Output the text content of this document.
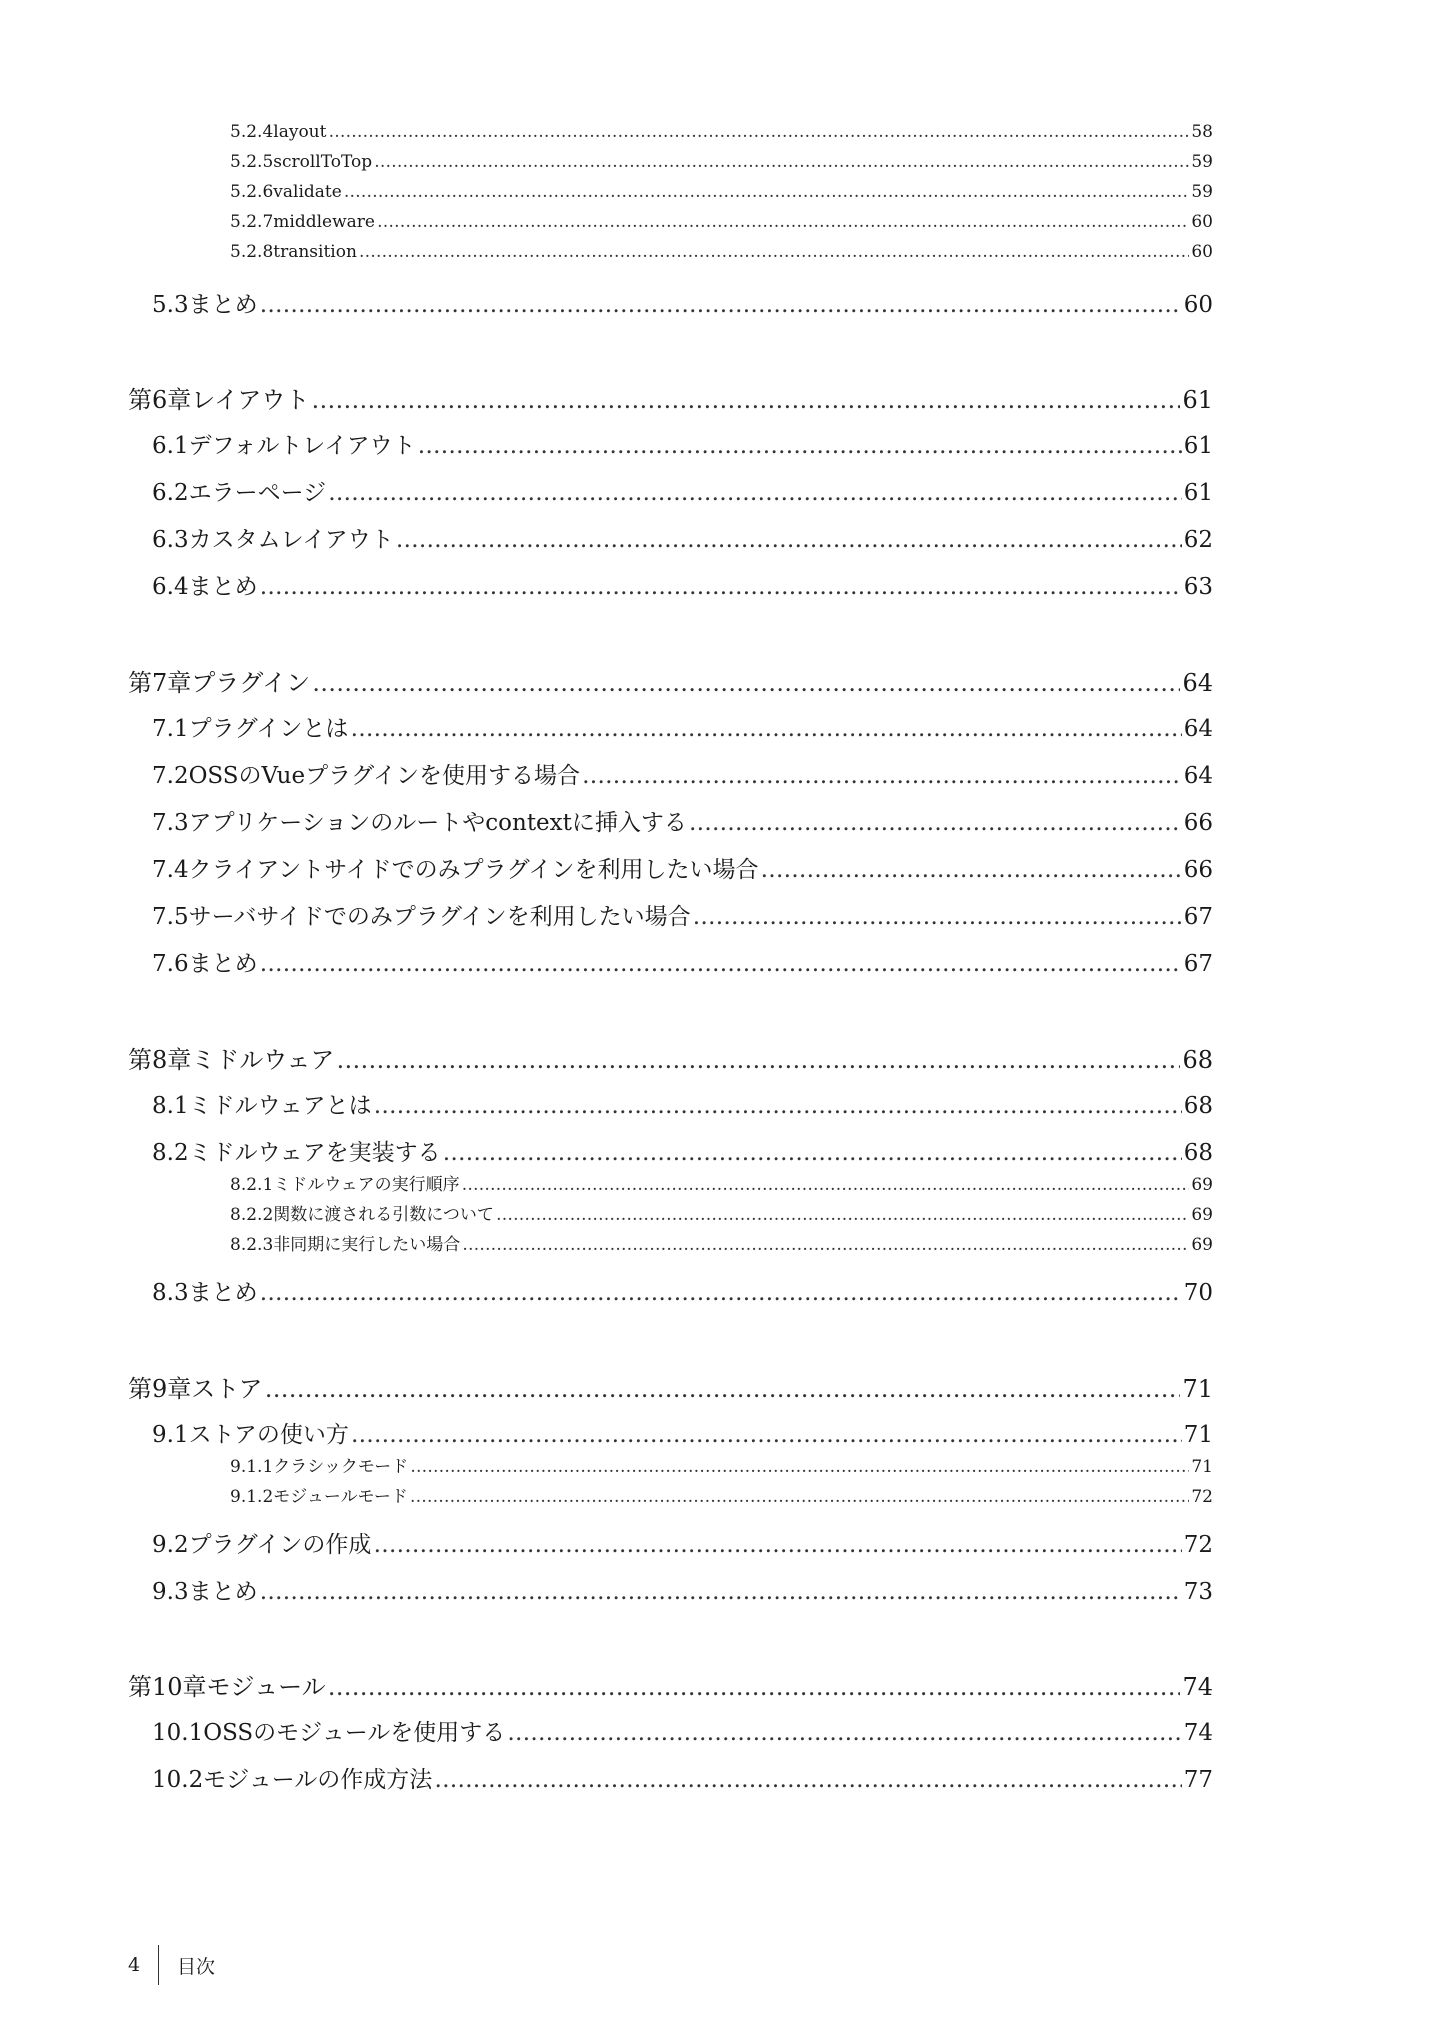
5.2.4 layout …………………………………………………………………………………………………………………………………………………………………………………………………………………………………………………………………………………………………………………………………………………………	58
5.2.5 scrollToTop …………………………………………………………………………………………………………………………………………………………………………………………………………………………………………………………………………………………………………………………………………………………	59
5.2.6 validate …………………………………………………………………………………………………………………………………………………………………………………………………………………………………………………………………………………………………………………………………………………………	59
5.2.7 middleware …………………………………………………………………………………………………………………………………………………………………………………………………………………………………………………………………………………………………………………………………………………………	60
5.2.8 transition …………………………………………………………………………………………………………………………………………………………………………………………………………………………………………………………………………………………………………………………………………………………	60
5.3 まとめ …………………………………………………………………………………………………………………………………………………………………………………………………………………………………………………………………………………………………………………………………………………………	60
第6章 レイアウト …………………………………………………………………………………………………………………………………………………………………………………………………………………………………………………………………………………………………………………………………………………………	61
6.1 デフォルトレイアウト …………………………………………………………………………………………………………………………………………………………………………………………………………………………………………………………………………………………………………………………………………………………	61
6.2 エラーページ …………………………………………………………………………………………………………………………………………………………………………………………………………………………………………………………………………………………………………………………………………………………	61
6.3 カスタムレイアウト …………………………………………………………………………………………………………………………………………………………………………………………………………………………………………………………………………………………………………………………………………………………	62
6.4 まとめ …………………………………………………………………………………………………………………………………………………………………………………………………………………………………………………………………………………………………………………………………………………………	63
第7章 プラグイン …………………………………………………………………………………………………………………………………………………………………………………………………………………………………………………………………………………………………………………………………………………………	64
7.1 プラグインとは …………………………………………………………………………………………………………………………………………………………………………………………………………………………………………………………………………………………………………………………………………………………	64
7.2 OSSのVueプラグインを使用する場合 …………………………………………………………………………………………………………………………………………………………………………………………………………………………………………………………………………………………………………………………………………………………	64
7.3 アプリケーションのルートやcontextに挿入する …………………………………………………………………………………………………………………………………………………………………………………………………………………………………………………………………………………………………………………………………………………………	66
7.4 クライアントサイドでのみプラグインを利用したい場合 …………………………………………………………………………………………………………………………………………………………………………………………………………………………………………………………………………………………………………………………………………………………	66
7.5 サーバサイドでのみプラグインを利用したい場合 …………………………………………………………………………………………………………………………………………………………………………………………………………………………………………………………………………………………………………………………………………………………	67
7.6 まとめ …………………………………………………………………………………………………………………………………………………………………………………………………………………………………………………………………………………………………………………………………………………………	67
第8章 ミドルウェア …………………………………………………………………………………………………………………………………………………………………………………………………………………………………………………………………………………………………………………………………………………………	68
8.1 ミドルウェアとは …………………………………………………………………………………………………………………………………………………………………………………………………………………………………………………………………………………………………………………………………………………………	68
8.2 ミドルウェアを実装する …………………………………………………………………………………………………………………………………………………………………………………………………………………………………………………………………………………………………………………………………………………………	68
8.2.1 ミドルウェアの実行順序 …………………………………………………………………………………………………………………………………………………………………………………………………………………………………………………………………………………………………………………………………………………………	69
8.2.2 関数に渡される引数について …………………………………………………………………………………………………………………………………………………………………………………………………………………………………………………………………………………………………………………………………………………………	69
8.2.3 非同期に実行したい場合 …………………………………………………………………………………………………………………………………………………………………………………………………………………………………………………………………………………………………………………………………………………………	69
8.3 まとめ …………………………………………………………………………………………………………………………………………………………………………………………………………………………………………………………………………………………………………………………………………………………	70
第9章 ストア …………………………………………………………………………………………………………………………………………………………………………………………………………………………………………………………………………………………………………………………………………………………	71
9.1 ストアの使い方 …………………………………………………………………………………………………………………………………………………………………………………………………………………………………………………………………………………………………………………………………………………………	71
9.1.1 クラシックモード …………………………………………………………………………………………………………………………………………………………………………………………………………………………………………………………………………………………………………………………………………………………	71
9.1.2 モジュールモード …………………………………………………………………………………………………………………………………………………………………………………………………………………………………………………………………………………………………………………………………………………………	72
9.2 プラグインの作成 …………………………………………………………………………………………………………………………………………………………………………………………………………………………………………………………………………………………………………………………………………………………	72
9.3 まとめ …………………………………………………………………………………………………………………………………………………………………………………………………………………………………………………………………………………………………………………………………………………………	73
第10章 モジュール …………………………………………………………………………………………………………………………………………………………………………………………………………………………………………………………………………………………………………………………………………………………	74
10.1 OSSのモジュールを使用する …………………………………………………………………………………………………………………………………………………………………………………………………………………………………………………………………………………………………………………………………………………………	74
10.2 モジュールの作成方法 …………………………………………………………………………………………………………………………………………………………………………………………………………………………………………………………………………………………………………………………………………………………	77
4	目次
